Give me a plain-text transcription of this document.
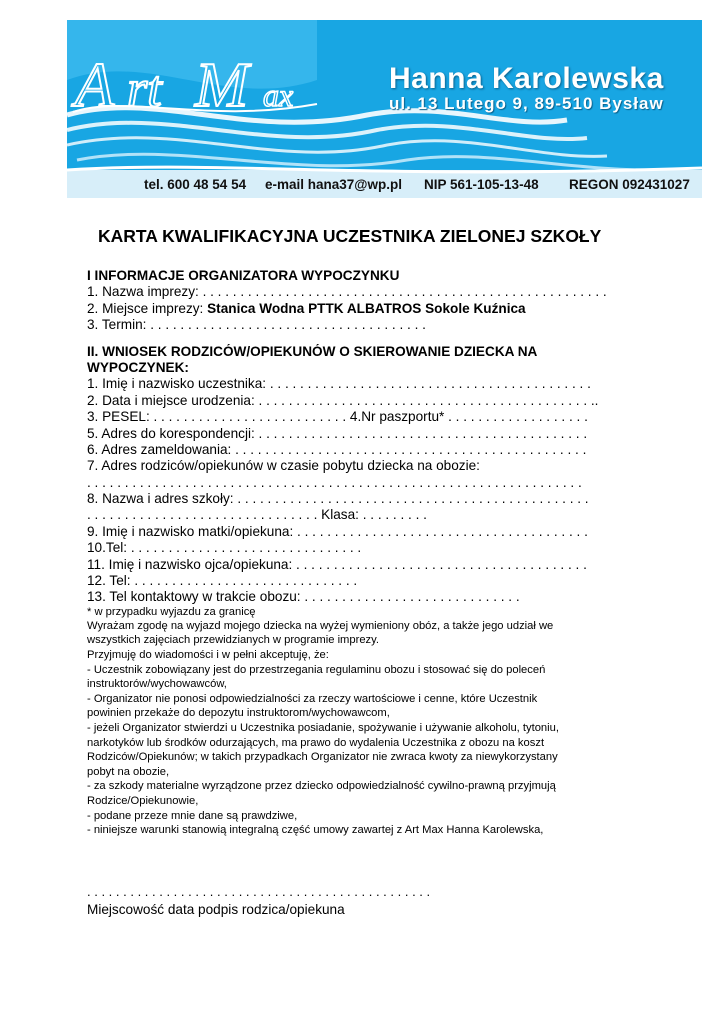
A rt M ax	Hanna Karolewska
ul. 13 Lutego 9, 89-510 Bysław
tel. 600 48 54 54 e-mail hana37@wp.pl NIP 561-105-13-48 REGON 092431027
KARTA KWALIFIKACYJNA UCZESTNIKA ZIELONEJ SZKOŁY
I INFORMACJE ORGANIZATORA WYPOCZYNKU
1. Nazwa imprezy: . . . . . . . . . . . . . . . . . . . . . . . . . . . . . . . . . . . . . . . . . . . . . . . . . . . . . .
2. Miejsce imprezy: Stanica Wodna PTTK ALBATROS Sokole Kuźnica
3. Termin: . . . . . . . . . . . . . . . . . . . . . . . . . . . . . . . . . . . . .
II. WNIOSEK RODZICÓW/OPIEKUNÓW O SKIEROWANIE DZIECKA NA
WYPOCZYNEK:
1. Imię i nazwisko uczestnika: . . . . . . . . . . . . . . . . . . . . . . . . . . . . . . . . . . . . . . . . . . .
2. Data i miejsce urodzenia: . . . . . . . . . . . . . . . . . . . . . . . . . . . . . . . . . . . . . . . . . . . . ..
3. PESEL: . . . . . . . . . . . . . . . . . . . . . . . . . . 4.Nr paszportu* . . . . . . . . . . . . . . . . . . .
5. Adres do korespondencji: . . . . . . . . . . . . . . . . . . . . . . . . . . . . . . . . . . . . . . . . . . . .
6. Adres zameldowania: . . . . . . . . . . . . . . . . . . . . . . . . . . . . . . . . . . . . . . . . . . . . . . .
7. Adres rodziców/opiekunów w czasie pobytu dziecka na obozie:
. . . . . . . . . . . . . . . . . . . . . . . . . . . . . . . . . . . . . . . . . . . . . . . . . . . . . . . . . . . . . . . . . .
8. Nazwa i adres szkoły: . . . . . . . . . . . . . . . . . . . . . . . . . . . . . . . . . . . . . . . . . . . . . . .
. . . . . . . . . . . . . . . . . . . . . . . . . . . . . . . Klasa: . . . . . . . . .
9. Imię i nazwisko matki/opiekuna: . . . . . . . . . . . . . . . . . . . . . . . . . . . . . . . . . . . . . . .
10.Tel: . . . . . . . . . . . . . . . . . . . . . . . . . . . . . . .
11. Imię i nazwisko ojca/opiekuna: . . . . . . . . . . . . . . . . . . . . . . . . . . . . . . . . . . . . . . .
12. Tel: . . . . . . . . . . . . . . . . . . . . . . . . . . . . . .
13. Tel kontaktowy w trakcie obozu: . . . . . . . . . . . . . . . . . . . . . . . . . . . . .
* w przypadku wyjazdu za granicę
Wyrażam zgodę na wyjazd mojego dziecka na wyżej wymieniony obóz, a także jego udział we
wszystkich zajęciach przewidzianych w programie imprezy.
Przyjmuję do wiadomości i w pełni akceptuję, że:
- Uczestnik zobowiązany jest do przestrzegania regulaminu obozu i stosować się do poleceń
instruktorów/wychowawców,
- Organizator nie ponosi odpowiedzialności za rzeczy wartościowe i cenne, które Uczestnik
powinien przekaże do depozytu instruktorom/wychowawcom,
- jeżeli Organizator stwierdzi u Uczestnika posiadanie, spożywanie i używanie alkoholu, tytoniu,
narkotyków lub środków odurzających, ma prawo do wydalenia Uczestnika z obozu na koszt
Rodziców/Opiekunów; w takich przypadkach Organizator nie zwraca kwoty za niewykorzystany
pobyt na obozie,
- za szkody materialne wyrządzone przez dziecko odpowiedzialność cywilno-prawną przyjmują
Rodzice/Opiekunowie,
- podane przeze mnie dane są prawdziwe,
- niniejsze warunki stanowią integralną część umowy zawartej z Art Max Hanna Karolewska,
. . . . . . . . . . . . . . . . . . . . . . . . . . . . . . . . . . . . . . . . . . . . . . . .
Miejscowość data podpis rodzica/opiekuna
